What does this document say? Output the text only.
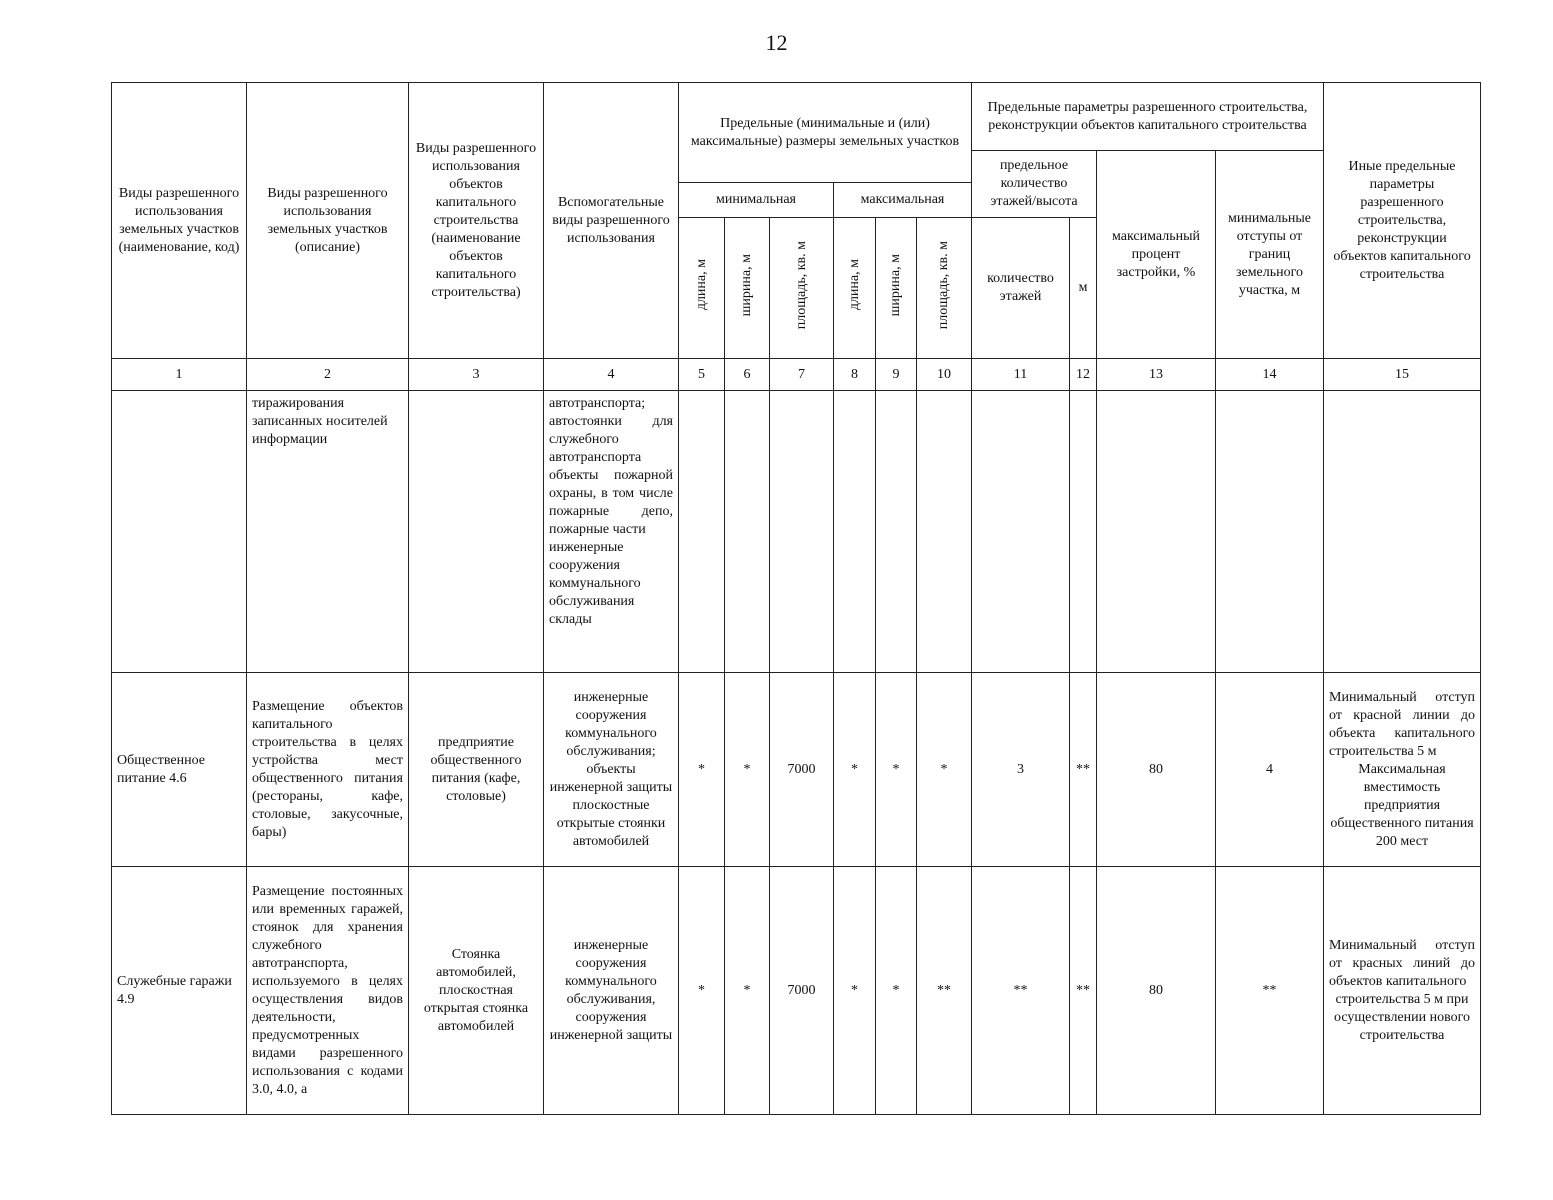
12
Виды разрешенного использования земельных участков (наименование, код)	Виды разрешенного использования земельных участков (описание)	Виды разрешенного использования объектов капитального строительства (наименование объектов капитального строительства)	Вспомогательные виды разрешенного использования	Предельные (минимальные и (или) максимальные) размеры земельных участков						Предельные параметры разрешенного строительства, реконструкции объектов капитального строительства				Иные предельные параметры разрешенного строительства, реконструкции объектов капитального строительства
										предельное количество этажей/высота		максимальный процент застройки, %	минимальные отступы от границ земельного участка, м	
				минимальная			максимальная							
				длина, м	ширина, м	площадь, кв. м	длина, м	ширина, м	площадь, кв. м	количество этажей	м			
1	2	3	4	5	6	7	8	9	10	11	12	13	14	15
	тиражирования записанных носителей информации		автотранспорта;
автостоянки для служебного автотранспорта
объекты пожарной охраны, в том числе пожарные депо, пожарные части
инженерные сооружения коммунального обслуживания
склады											

Общественное питание 4.6	Размещение объектов капитального строительства в целях устройства мест общественного питания (рестораны, кафе, столовые, закусочные, бары)	предприятие общественного питания (кафе, столовые)	инженерные сооружения коммунального обслуживания;
объекты инженерной защиты
плоскостные открытые стоянки автомобилей	*	*	7000	*	*	*	3	**	80	4	Минимальный отступ от красной линии до объекта капитального строительства 5 м
Максимальная вместимость предприятия общественного питания 200 мест

Служебные гаражи 4.9	Размещение постоянных или временных гаражей, стоянок для хранения служебного автотранспорта, используемого в целях осуществления видов деятельности, предусмотренных видами разрешенного использования с кодами 3.0, 4.0, а	Стоянка автомобилей, плоскостная открытая стоянка автомобилей	инженерные сооружения коммунального обслуживания, сооружения инженерной защиты	*	*	7000	*	*	**	**	**	80	**	Минимальный отступ от красных линий до объектов капитального
строительства 5 м при осуществлении нового строительства
